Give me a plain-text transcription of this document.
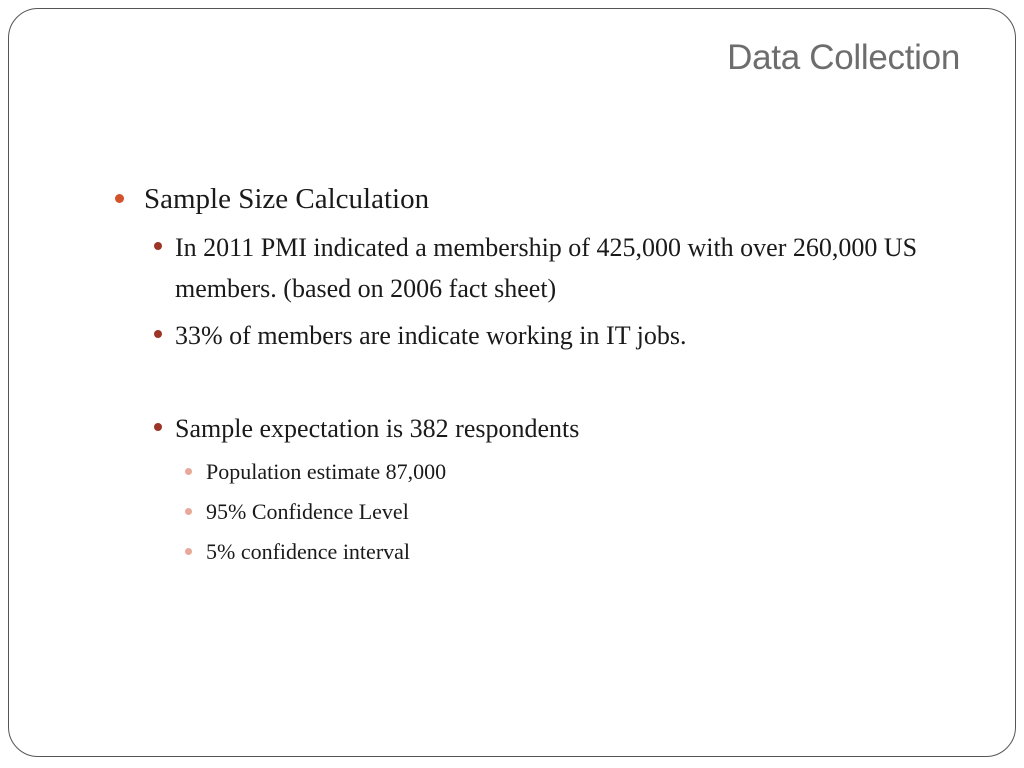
Data Collection
Sample Size Calculation
In 2011 PMI indicated a membership of 425,000 with over 260,000 US members. (based on 2006 fact sheet)
33% of members are indicate working in IT jobs.
Sample expectation is 382 respondents
Population estimate 87,000
95% Confidence Level
5% confidence interval
